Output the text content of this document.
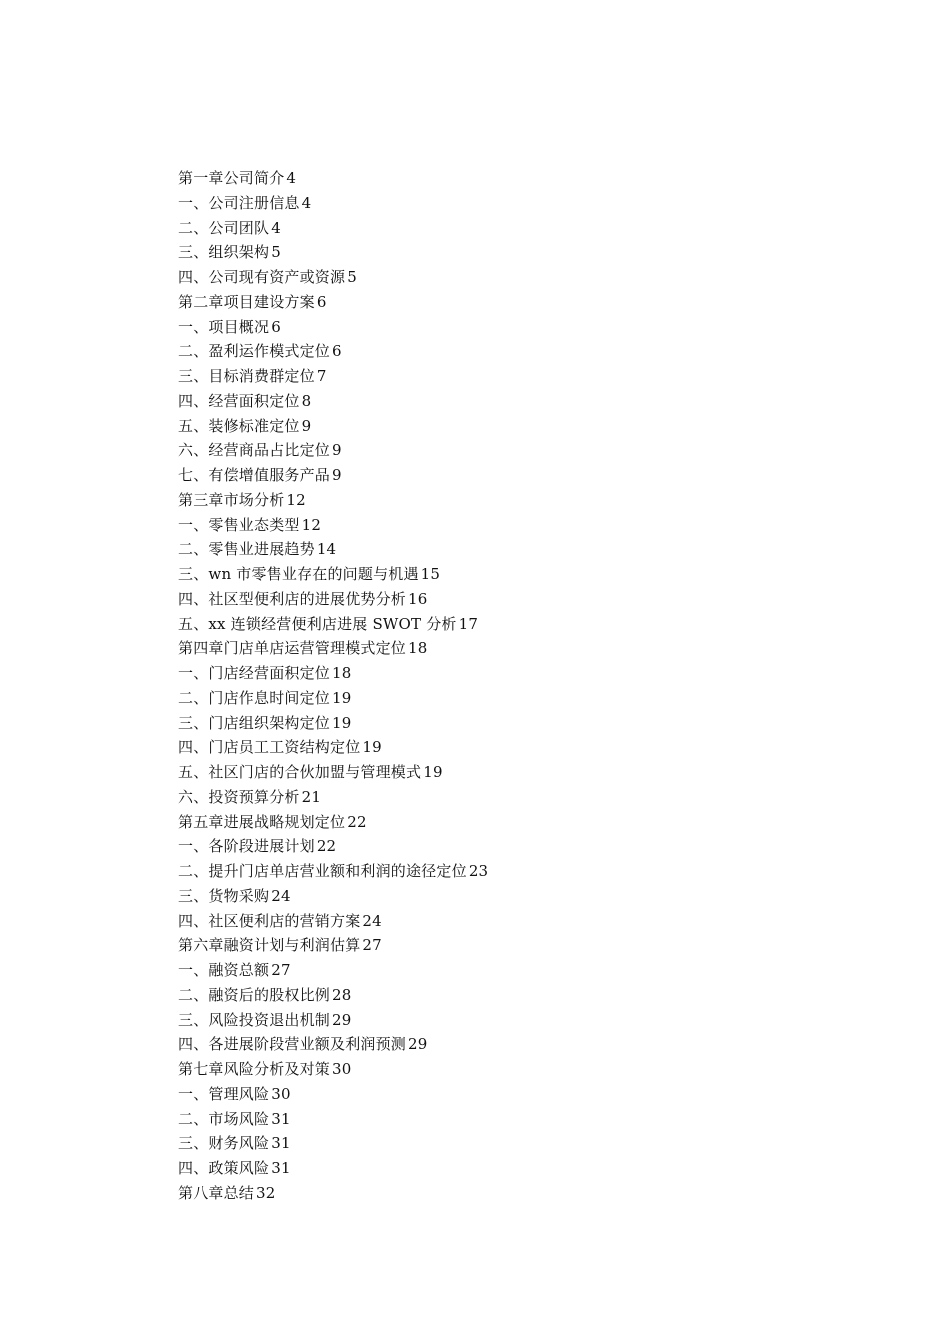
第一章公司简介 4
一、公司注册信息 4
二、公司团队 4
三、组织架构 5
四、公司现有资产或资源 5
第二章项目建设方案 6
一、项目概况 6
二、盈利运作模式定位 6
三、目标消费群定位 7
四、经营面积定位 8
五、装修标准定位 9
六、经营商品占比定位 9
七、有偿增值服务产品 9
第三章市场分析 12
一、零售业态类型 12
二、零售业进展趋势 14
三、wn 市零售业存在的问题与机遇 15
四、社区型便利店的进展优势分析 16
五、xx 连锁经营便利店进展 SWOT 分析 17
第四章门店单店运营管理模式定位 18
一、门店经营面积定位 18
二、门店作息时间定位 19
三、门店组织架构定位 19
四、门店员工工资结构定位 19
五、社区门店的合伙加盟与管理模式 19
六、投资预算分析 21
第五章进展战略规划定位 22
一、各阶段进展计划 22
二、提升门店单店营业额和利润的途径定位 23
三、货物采购 24
四、社区便利店的营销方案 24
第六章融资计划与利润估算 27
一、融资总额 27
二、融资后的股权比例 28
三、风险投资退出机制 29
四、各进展阶段营业额及利润预测 29
第七章风险分析及对策 30
一、管理风险 30
二、市场风险 31
三、财务风险 31
四、政策风险 31
第八章总结 32
